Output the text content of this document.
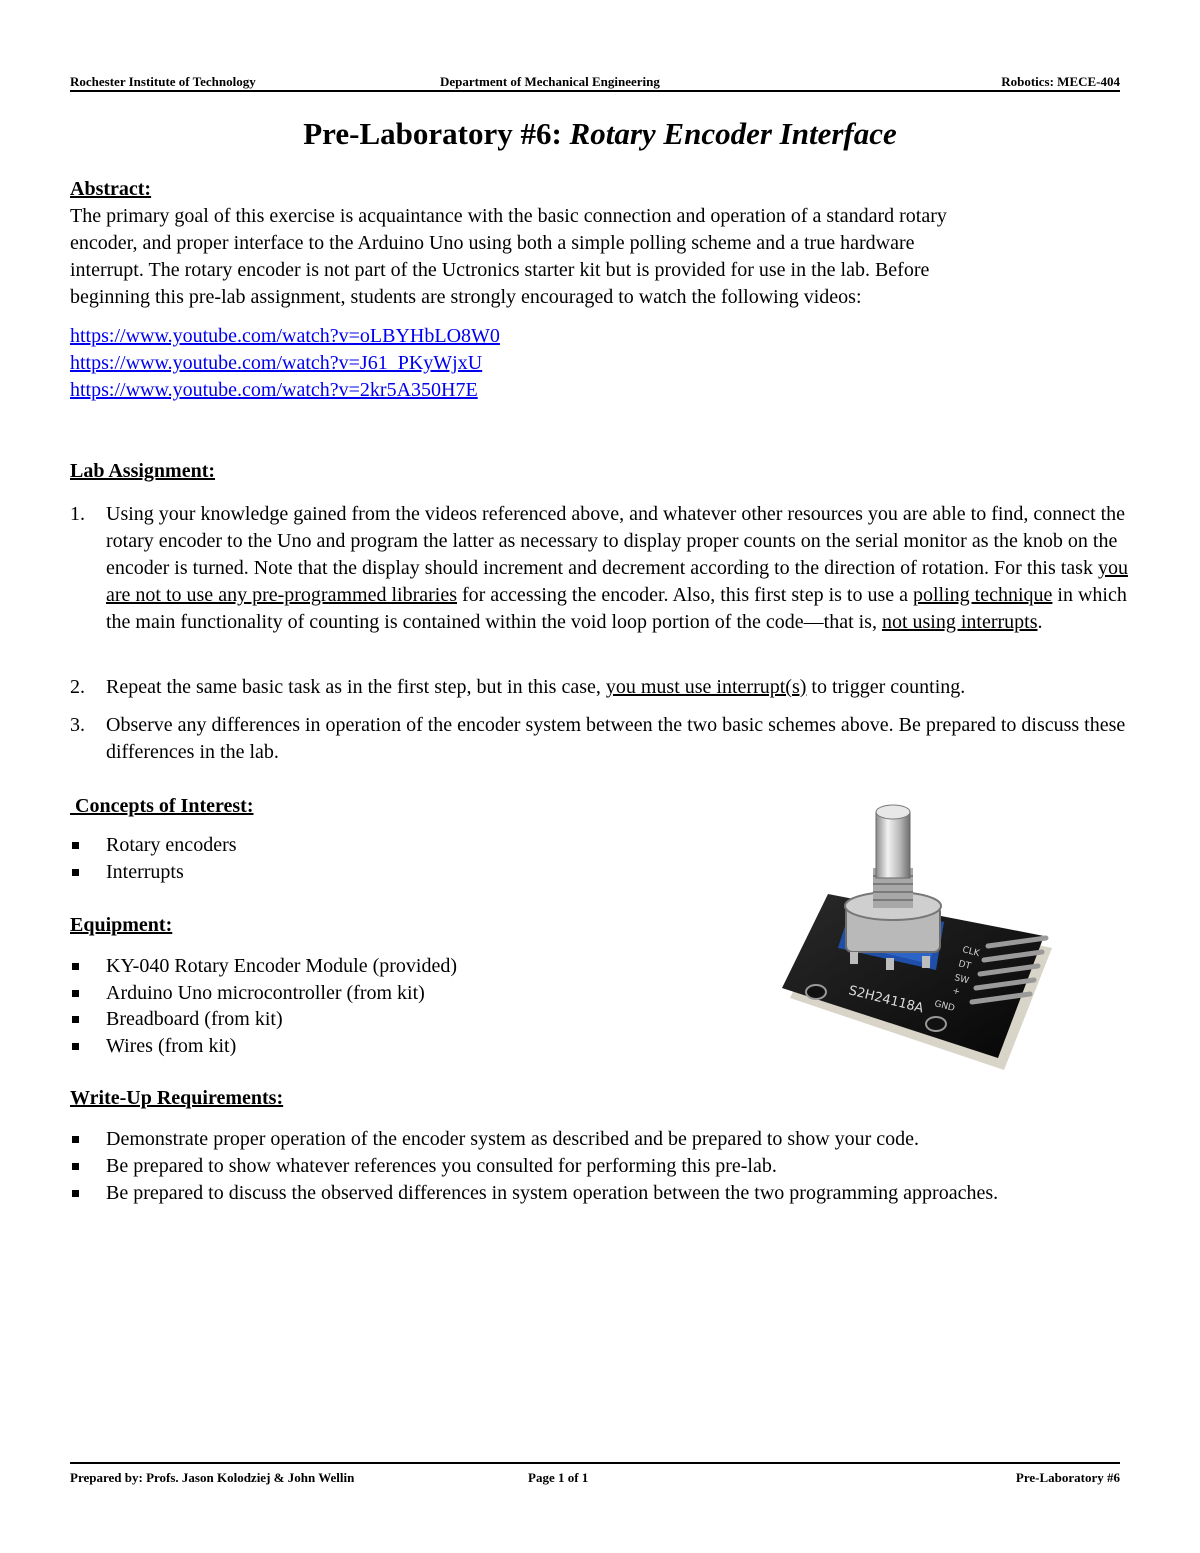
Rochester Institute of Technology	Department of Mechanical Engineering	Robotics: MECE-404
Pre-Laboratory #6: Rotary Encoder Interface
Abstract:
The primary goal of this exercise is acquaintance with the basic connection and operation of a standard rotary
encoder, and proper interface to the Arduino Uno using both a simple polling scheme and a true hardware
interrupt. The rotary encoder is not part of the Uctronics starter kit but is provided for use in the lab. Before
beginning this pre-lab assignment, students are strongly encouraged to watch the following videos:
https://www.youtube.com/watch?v=oLBYHbLO8W0
https://www.youtube.com/watch?v=J61_PKyWjxU
https://www.youtube.com/watch?v=2kr5A350H7E
Lab Assignment:
1. Using your knowledge gained from the videos referenced above, and whatever other resources you are able to find, connect the rotary encoder to the Uno and program the latter as necessary to display proper counts on the serial monitor as the knob on the encoder is turned. Note that the display should increment and decrement according to the direction of rotation. For this task you are not to use any pre-programmed libraries for accessing the encoder. Also, this first step is to use a polling technique in which the main functionality of counting is contained within the void loop portion of the code—that is, not using interrupts.
2. Repeat the same basic task as in the first step, but in this case, you must use interrupt(s) to trigger counting.
3. Observe any differences in operation of the encoder system between the two basic schemes above. Be prepared to discuss these differences in the lab.
Concepts of Interest:
Rotary encoders
Interrupts
Equipment:
KY-040 Rotary Encoder Module (provided)
Arduino Uno microcontroller (from kit)
Breadboard (from kit)
Wires (from kit)
Write-Up Requirements:
Demonstrate proper operation of the encoder system as described and be prepared to show your code.
Be prepared to show whatever references you consulted for performing this pre-lab.
Be prepared to discuss the observed differences in system operation between the two programming approaches.
S2H24118A
CLK
DT
SW
+
GND
Prepared by: Profs. Jason Kolodziej & John Wellin	Page 1 of 1	Pre-Laboratory #6
